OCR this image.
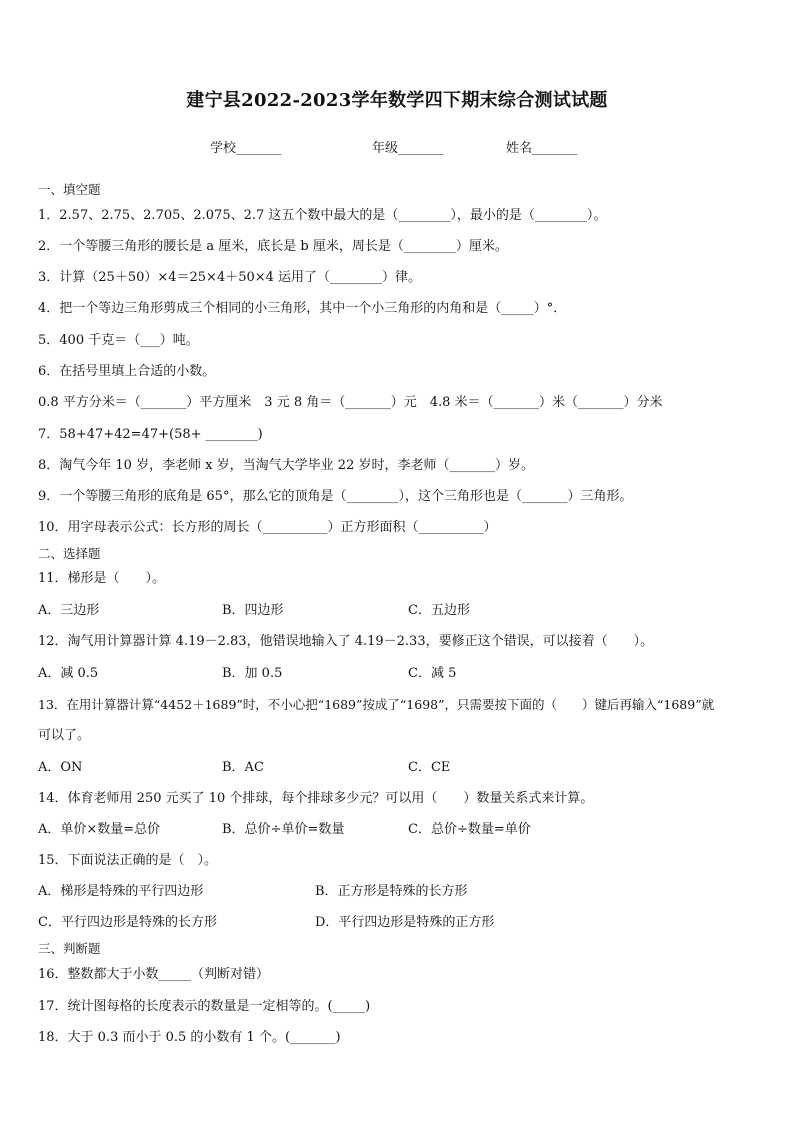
建宁县2022-2023学年数学四下期末综合测试试题
学校_______	年级_______	姓名_______
一、填空题
1．2.57、2.75、2.705、2.075、2.7 这五个数中最大的是（________），最小的是（________）。
2．一个等腰三角形的腰长是 a 厘米，底长是 b 厘米，周长是（________）厘米。
3．计算（25＋50）×4＝25×4＋50×4 运用了（________）律。
4．把一个等边三角形剪成三个相同的小三角形，其中一个小三角形的内角和是（_____）°．
5．400 千克＝（___）吨。
6．在括号里填上合适的小数。
0.8 平方分米＝（_______）平方厘米　3 元 8 角＝（_______）元　4.8 米＝（_______）米（_______）分米
7．58+47+42=47+(58+ ________)
8．淘气今年 10 岁，李老师 x 岁，当淘气大学毕业 22 岁时，李老师（_______）岁。
9．一个等腰三角形的底角是 65°，那么它的顶角是（________），这个三角形也是（_______）三角形。
10．用字母表示公式：长方形的周长（__________）正方形面积（__________）
二、选择题
11．梯形是（　　）。
A．三边形	B．四边形	C．五边形
12．淘气用计算器计算 4.19－2.83，他错误地输入了 4.19－2.33，要修正这个错误，可以接着（　　）。
A．减 0.5	B．加 0.5	C．减 5
13．在用计算器计算“4452＋1689”时，不小心把“1689”按成了“1698”，只需要按下面的（　　）键后再输入“1689”就
可以了。
A．ON	B．AC	C．CE
14．体育老师用 250 元买了 10 个排球，每个排球多少元？可以用（　　）数量关系式来计算。
A．单价×数量=总价	B．总价÷单价=数量	C．总价÷数量=单价
15．下面说法正确的是（　）。
A．梯形是特殊的平行四边形	B．正方形是特殊的长方形
C．平行四边形是特殊的长方形	D．平行四边形是特殊的正方形
三、判断题
16．整数都大于小数_____（判断对错）
17．统计图每格的长度表示的数量是一定相等的。(_____)
18．大于 0.3 而小于 0.5 的小数有 1 个。(_______)
